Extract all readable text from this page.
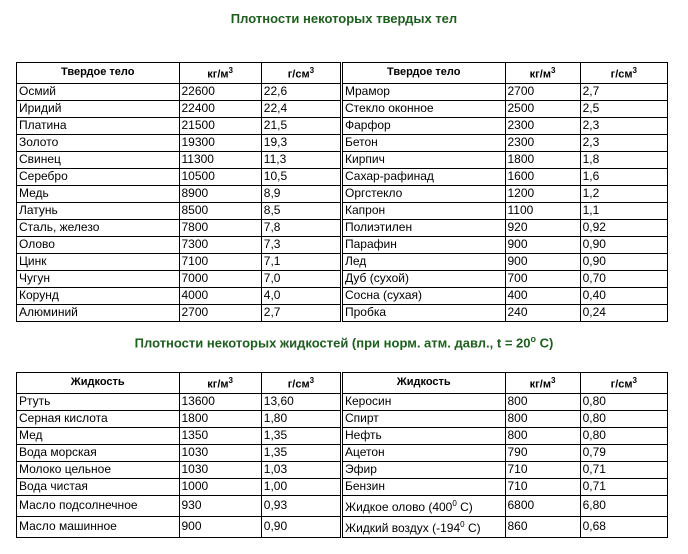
Плотности некоторых твердых тел
Твердое тело	$кг/м^3$	$г/см^3$
Осмий	22600	22,6
Иридий	22400	22,4
Платина	21500	21,5
Золото	19300	19,3
Свинец	11300	11,3
Серебро	10500	10,5
Медь	8900	8,9
Латунь	8500	8,5
Сталь, железо	7800	7,8
Олово	7300	7,3
Цинк	7100	7,1
Чугун	7000	7,0
Корунд	4000	4,0
Алюминий	2700	2,7
Твердое тело	$кг/м^3$	$г/см^3$
Мрамор	2700	2,7
Стекло оконное	2500	2,5
Фарфор	2300	2,3
Бетон	2300	2,3
Кирпич	1800	1,8
Сахар-рафинад	1600	1,6
Оргстекло	1200	1,2
Капрон	1100	1,1
Полиэтилен	920	0,92
Парафин	900	0,90
Лед	900	0,90
Дуб (сухой)	700	0,70
Сосна (сухая)	400	0,40
Пробка	240	0,24
Плотности некоторых жидкостей (при норм. атм. давл., $t = 20^o$ C)
Жидкость	$кг/м^3$	$г/см^3$
Ртуть	13600	13,60
Серная кислота	1800	1,80
Мед	1350	1,35
Вода морская	1030	1,35
Молоко цельное	1030	1,03
Вода чистая	1000	1,00
Масло подсолнечное	930	0,93
Масло машинное	900	0,90
Жидкость	$кг/м^3$	$г/см^3$
Керосин	800	0,80
Спирт	800	0,80
Нефть	800	0,80
Ацетон	790	0,79
Эфир	710	0,71
Бензин	710	0,71
Жидкое олово ($400^0$ С)	6800	6,80
Жидкий воздух ($-194^0$ С)	860	0,68
